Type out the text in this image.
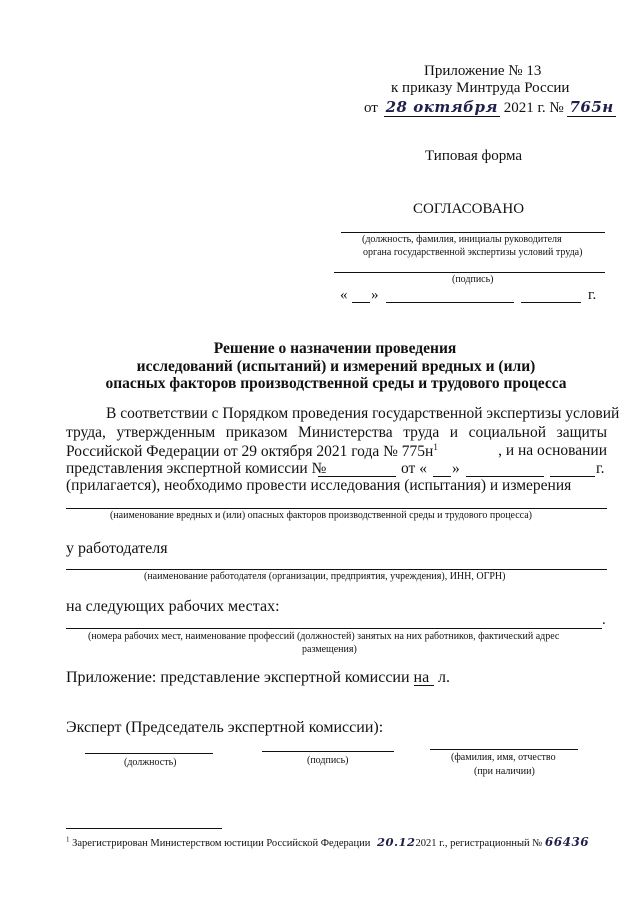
Приложение № 13
к приказу Минтруда России
от 28 октября 2021 г. № 765н
Типовая форма
СОГЛАСОВАНО
(должность, фамилия, инициалы руководителя
органа государственной экспертизы условий труда)
(подпись)
« »	г.
Решение о назначении проведения
исследований (испытаний) и измерений вредных и (или)
опасных факторов производственной среды и трудового процесса
В соответствии с Порядком проведения государственной экспертизы условий
труда, утвержденным приказом Министерства труда и социальной защиты
Российской Федерации от 29 октября 2021 года № $775н^1$	, и на основании
представления экспертной комиссии №	от « »	г.
(прилагается), необходимо провести исследования (испытания) и измерения
(наименование вредных и (или) опасных факторов производственной среды и трудового процесса)
у работодателя
(наименование работодателя (организации, предприятия, учреждения), ИНН, ОГРН)
на следующих рабочих местах:
.
(номера рабочих мест, наименование профессий (должностей) занятых на них работников, фактический адрес
размещения)
Приложение: представление экспертной комиссии на л.
Эксперт (Председатель экспертной комиссии):
(должность)	(подпись)	(фамилия, имя, отчество
(при наличии)
$^1$ Зарегистрирован Министерством юстиции Российской Федерации 20.122021 г., регистрационный № 66436
